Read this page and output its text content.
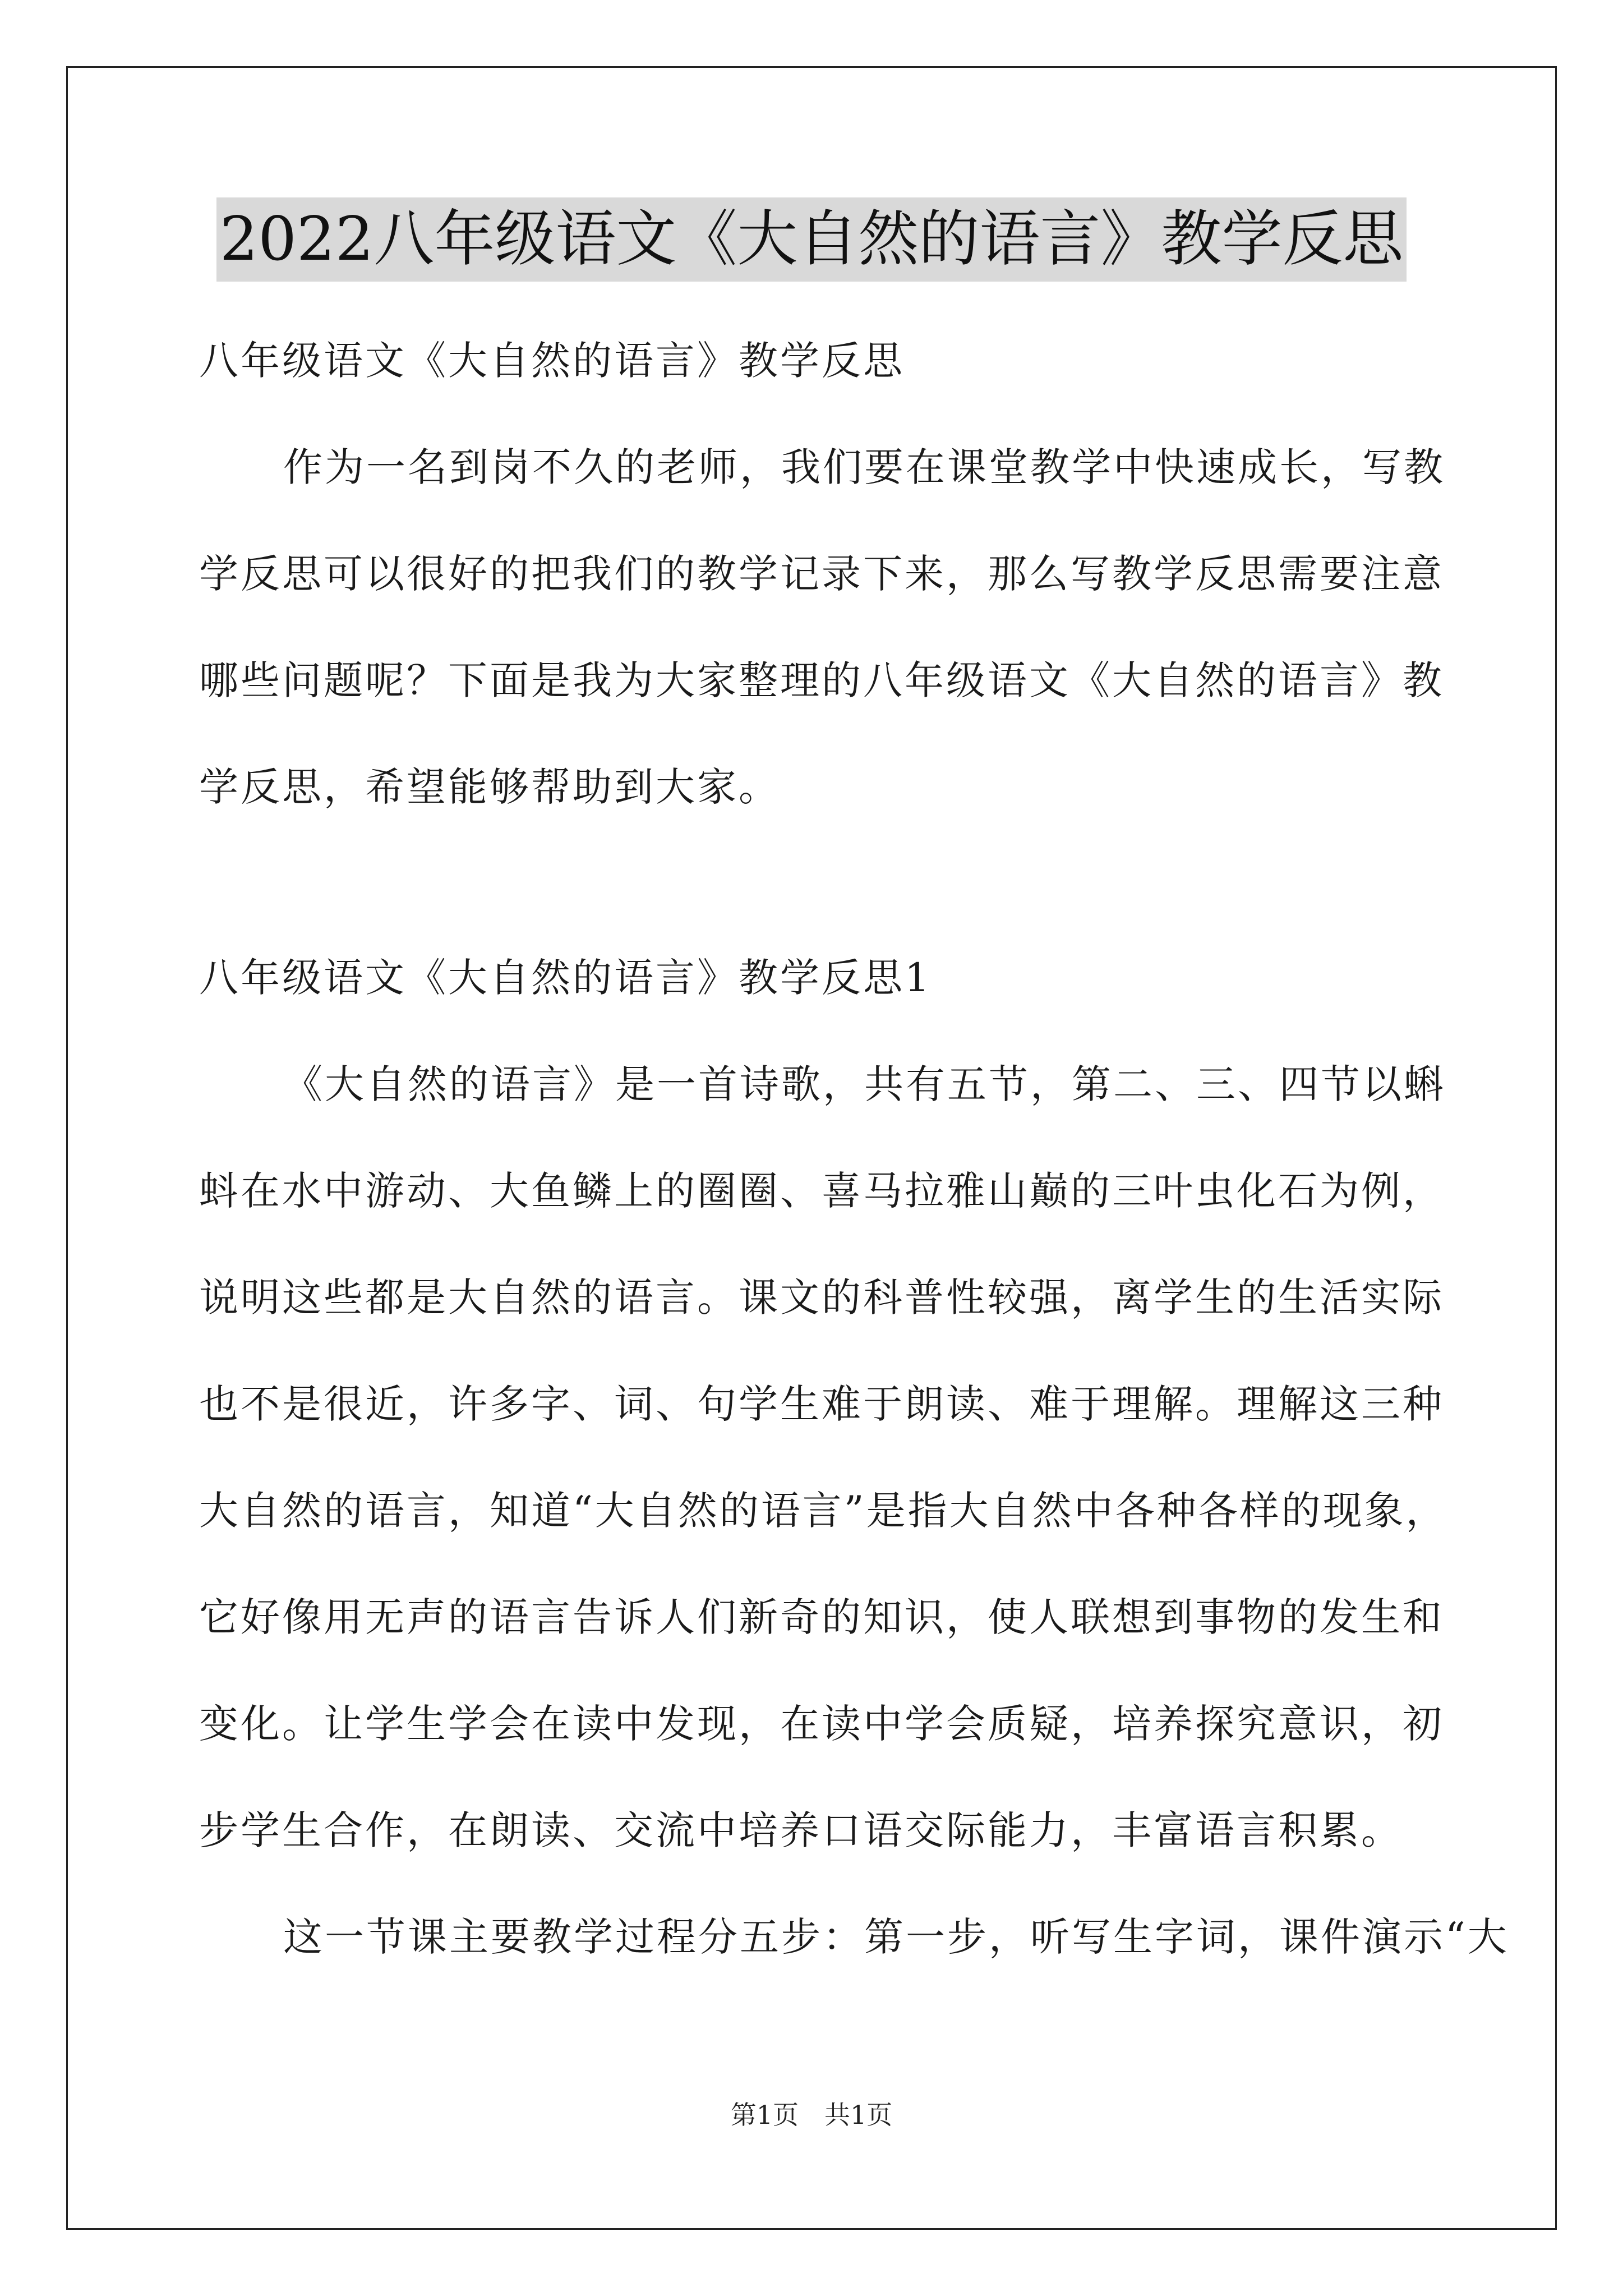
2022八年级语文《大自然的语言》教学反思
八年级语文《大自然的语言》教学反思
作为一名到岗不久的老师，我们要在课堂教学中快速成长，写教
学反思可以很好的把我们的教学记录下来，那么写教学反思需要注意
哪些问题呢？下面是我为大家整理的八年级语文《大自然的语言》教
学反思，希望能够帮助到大家。
八年级语文《大自然的语言》教学反思1
《大自然的语言》是一首诗歌，共有五节，第二、三、四节以蝌
蚪在水中游动、大鱼鳞上的圈圈、喜马拉雅山巅的三叶虫化石为例，
说明这些都是大自然的语言。课文的科普性较强，离学生的生活实际
也不是很近，许多字、词、句学生难于朗读、难于理解。理解这三种
大自然的语言，知道“大自然的语言”是指大自然中各种各样的现象，
它好像用无声的语言告诉人们新奇的知识，使人联想到事物的发生和
变化。让学生学会在读中发现，在读中学会质疑，培养探究意识，初
步学生合作，在朗读、交流中培养口语交际能力，丰富语言积累。
这一节课主要教学过程分五步：第一步，听写生字词，课件演示“大
第1页　共1页
